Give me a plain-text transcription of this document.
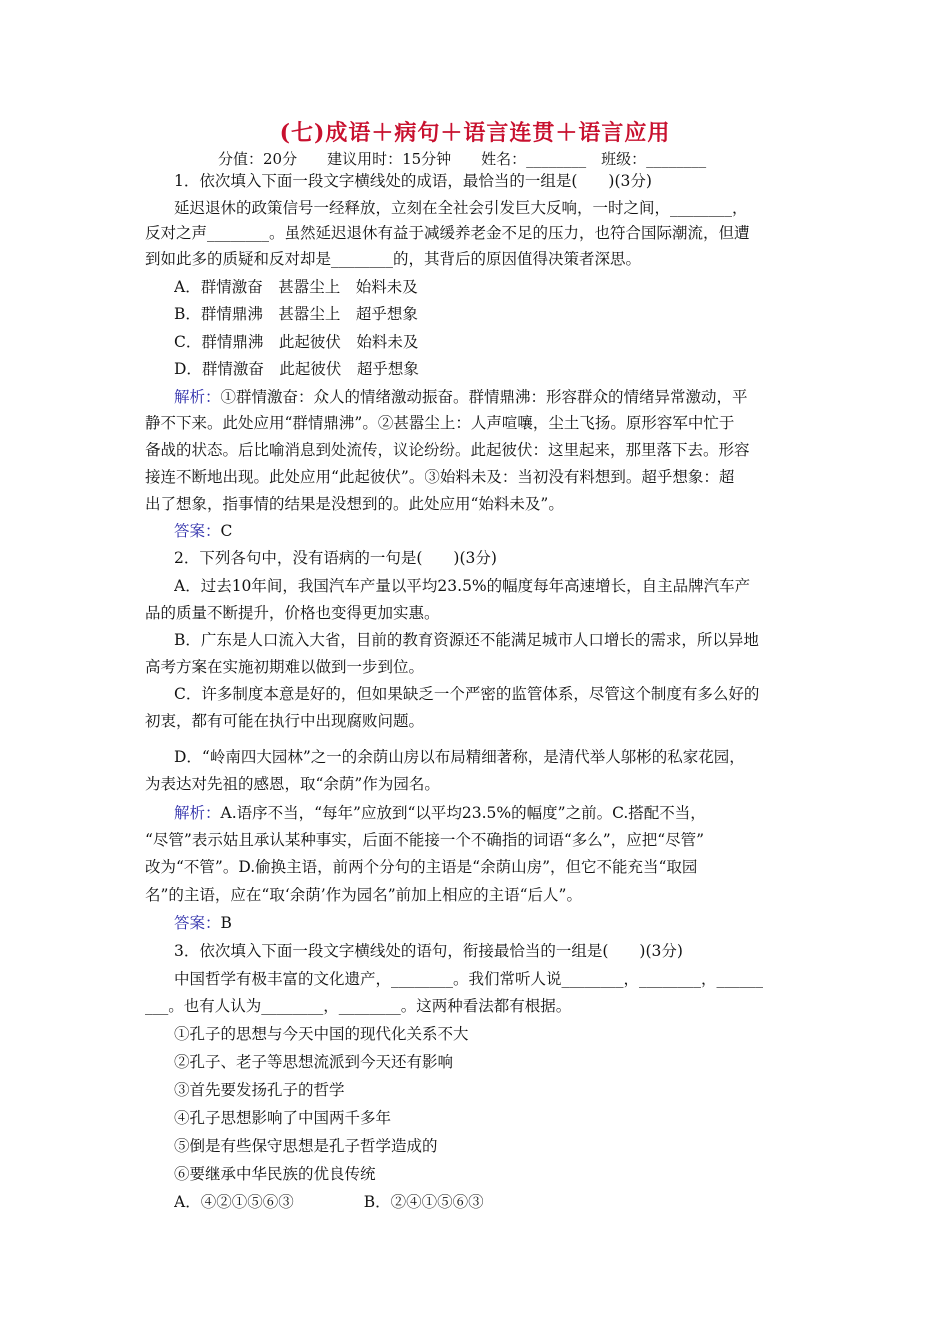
(七)成语＋病句＋语言连贯＋语言应用
分值：20分　　建议用时：15分钟　　姓名：________　班级：________
1．依次填入下面一段文字横线处的成语，最恰当的一组是(　　)(3分)
延迟退休的政策信号一经释放，立刻在全社会引发巨大反响，一时之间，________，
反对之声________。虽然延迟退休有益于减缓养老金不足的压力，也符合国际潮流，但遭
到如此多的质疑和反对却是________的，其背后的原因值得决策者深思。
A．群情激奋　甚嚣尘上　始料未及
B．群情鼎沸　甚嚣尘上　超乎想象
C．群情鼎沸　此起彼伏　始料未及
D．群情激奋　此起彼伏　超乎想象
解析：①群情激奋：众人的情绪激动振奋。群情鼎沸：形容群众的情绪异常激动，平
静不下来。此处应用“群情鼎沸”。②甚嚣尘上：人声喧嚷，尘土飞扬。原形容军中忙于
备战的状态。后比喻消息到处流传，议论纷纷。此起彼伏：这里起来，那里落下去。形容
接连不断地出现。此处应用“此起彼伏”。③始料未及：当初没有料想到。超乎想象：超
出了想象，指事情的结果是没想到的。此处应用“始料未及”。
答案：C
2．下列各句中，没有语病的一句是(　　)(3分)
A．过去10年间，我国汽车产量以平均23.5%的幅度每年高速增长，自主品牌汽车产
品的质量不断提升，价格也变得更加实惠。
B．广东是人口流入大省，目前的教育资源还不能满足城市人口增长的需求，所以异地
高考方案在实施初期难以做到一步到位。
C．许多制度本意是好的，但如果缺乏一个严密的监管体系，尽管这个制度有多么好的
初衷，都有可能在执行中出现腐败问题。
D．“岭南四大园林”之一的余荫山房以布局精细著称，是清代举人邬彬的私家花园，
为表达对先祖的感恩，取“余荫”作为园名。
解析：A.语序不当，“每年”应放到“以平均23.5%的幅度”之前。C.搭配不当，
“尽管”表示姑且承认某种事实，后面不能接一个不确指的词语“多么”，应把“尽管”
改为“不管”。D.偷换主语，前两个分句的主语是“余荫山房”，但它不能充当“取园
名”的主语，应在“取‘余荫’作为园名”前加上相应的主语“后人”。
答案：B
3．依次填入下面一段文字横线处的语句，衔接最恰当的一组是(　　)(3分)
中国哲学有极丰富的文化遗产，________。我们常听人说________，________，______
___。也有人认为________，________。这两种看法都有根据。
①孔子的思想与今天中国的现代化关系不大
②孔子、老子等思想流派到今天还有影响
③首先要发扬孔子的哲学
④孔子思想影响了中国两千多年
⑤倒是有些保守思想是孔子哲学造成的
⑥要继承中华民族的优良传统
A．④②①⑤⑥③	B．②④①⑤⑥③
